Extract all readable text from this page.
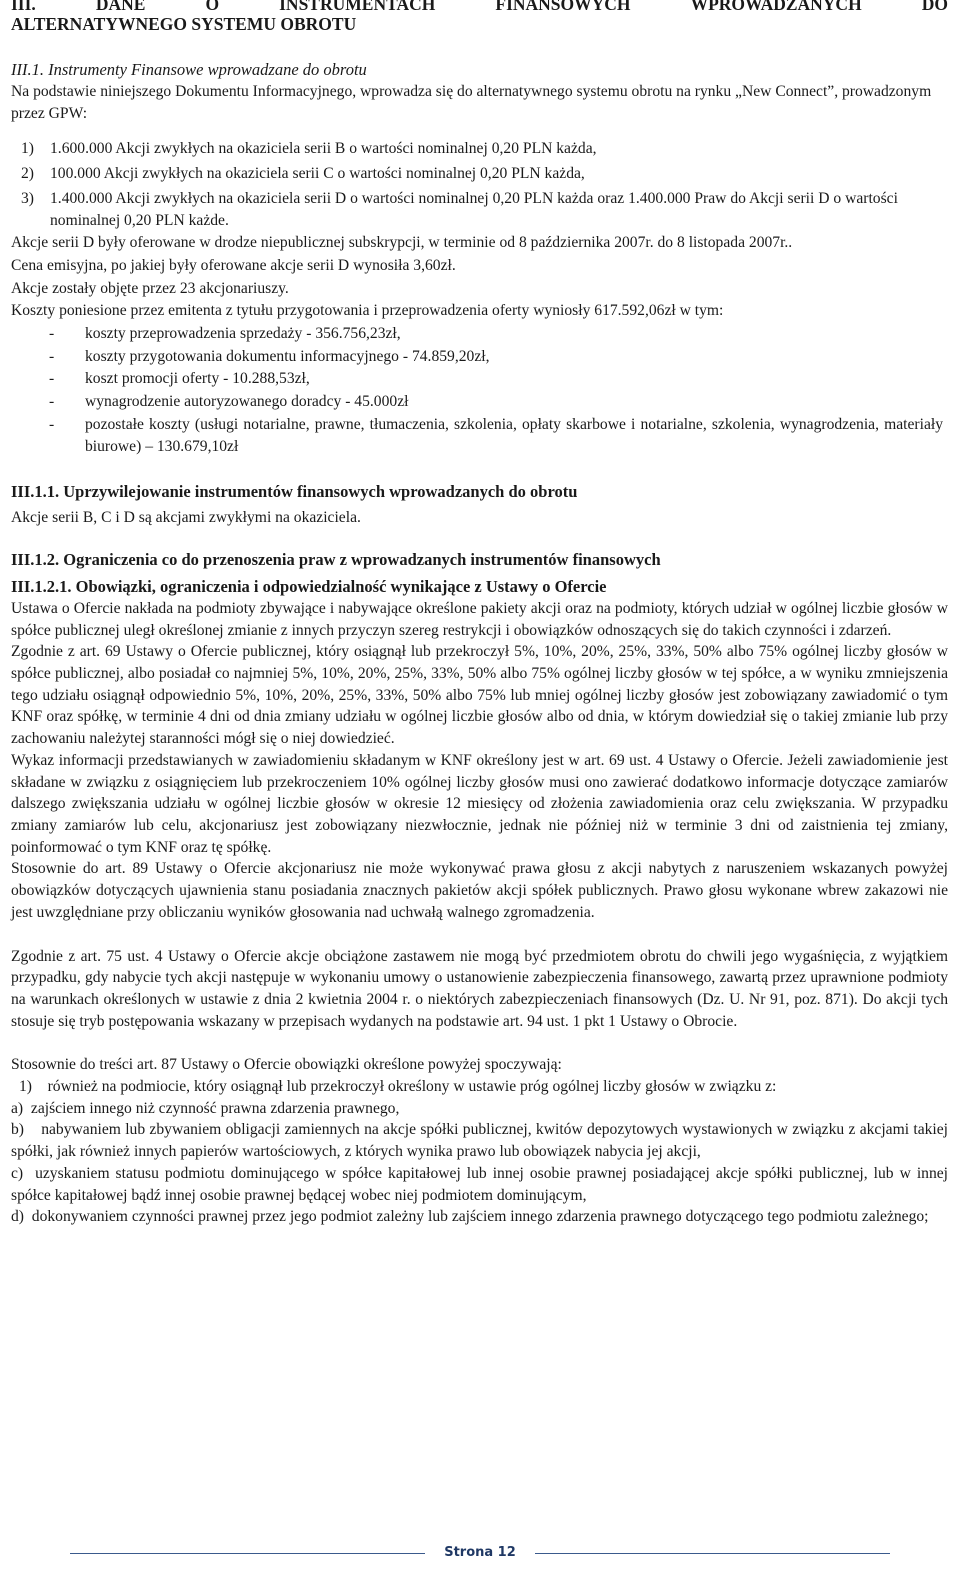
III.	DANE	O	INSTRUMENTACH	FINANSOWYCH	WPROWADZANYCH	DO
ALTERNATYWNEGO SYSTEMU OBROTU
III.1. Instrumenty Finansowe wprowadzane do obrotu

Na podstawie niniejszego Dokumentu Informacyjnego, wprowadza się do alternatywnego systemu obrotu na rynku „New Connect”, prowadzonym przez GPW:

1)	1.600.000 Akcji zwykłych na okaziciela serii B o wartości nominalnej 0,20 PLN każda,
2)	100.000 Akcji zwykłych na okaziciela serii C o wartości nominalnej 0,20 PLN każda,
3)	1.400.000 Akcji zwykłych na okaziciela serii D o wartości nominalnej 0,20 PLN każda oraz 1.400.000 Praw do Akcji serii D o wartości nominalnej 0,20 PLN każde.

Akcje serii D były oferowane w drodze niepublicznej subskrypcji, w terminie od 8 października 2007r. do 8 listopada 2007r..

Cena emisyjna, po jakiej były oferowane akcje serii D wynosiła 3,60zł.

Akcje zostały objęte przez 23 akcjonariuszy.

Koszty poniesione przez emitenta z tytułu przygotowania i przeprowadzenia oferty wyniosły 617.592,06zł w tym:

-	koszty przeprowadzenia sprzedaży - 356.756,23zł,
-	koszty przygotowania dokumentu informacyjnego - 74.859,20zł,
-	koszt promocji oferty - 10.288,53zł,
-	wynagrodzenie autoryzowanego doradcy - 45.000zł
-	pozostałe koszty (usługi notarialne, prawne, tłumaczenia, szkolenia, opłaty skarbowe i notarialne, szkolenia, wynagrodzenia, materiały biurowe) – 130.679,10zł
III.1.1. Uprzywilejowanie instrumentów finansowych wprowadzanych do obrotu

Akcje serii B, C i D są akcjami zwykłymi na okaziciela.

III.1.2. Ograniczenia co do przenoszenia praw z wprowadzanych instrumentów finansowych
III.1.2.1. Obowiązki, ograniczenia i odpowiedzialność wynikające z Ustawy o Ofercie

Ustawa o Ofercie nakłada na podmioty zbywające i nabywające określone pakiety akcji oraz na podmioty, których udział w ogólnej liczbie głosów w spółce publicznej uległ określonej zmianie z innych przyczyn szereg restrykcji i obowiązków odnoszących się do takich czynności i zdarzeń.

Zgodnie z art. 69 Ustawy o Ofercie publicznej, który osiągnął lub przekroczył 5%, 10%, 20%, 25%, 33%, 50% albo 75% ogólnej liczby głosów w spółce publicznej, albo posiadał co najmniej 5%, 10%, 20%, 25%, 33%, 50% albo 75% ogólnej liczby głosów w tej spółce, a w wyniku zmniejszenia tego udziału osiągnął odpowiednio 5%, 10%, 20%, 25%, 33%, 50% albo 75% lub mniej ogólnej liczby głosów jest zobowiązany zawiadomić o tym KNF oraz spółkę, w terminie 4 dni od dnia zmiany udziału w ogólnej liczbie głosów albo od dnia, w którym dowiedział się o takiej zmianie lub przy zachowaniu należytej staranności mógł się o niej dowiedzieć.

Wykaz informacji przedstawianych w zawiadomieniu składanym w KNF określony jest w art. 69 ust. 4 Ustawy o Ofercie. Jeżeli zawiadomienie jest składane w związku z osiągnięciem lub przekroczeniem 10% ogólnej liczby głosów musi ono zawierać dodatkowo informacje dotyczące zamiarów dalszego zwiększania udziału w ogólnej liczbie głosów w okresie 12 miesięcy od złożenia zawiadomienia oraz celu zwiększania. W przypadku zmiany zamiarów lub celu, akcjonariusz jest zobowiązany niezwłocznie, jednak nie później niż w terminie 3 dni od zaistnienia tej zmiany, poinformować o tym KNF oraz tę spółkę.

Stosownie do art. 89 Ustawy o Ofercie akcjonariusz nie może wykonywać prawa głosu z akcji nabytych z naruszeniem wskazanych powyżej obowiązków dotyczących ujawnienia stanu posiadania znacznych pakietów akcji spółek publicznych. Prawo głosu wykonane wbrew zakazowi nie jest uwzględniane przy obliczaniu wyników głosowania nad uchwałą walnego zgromadzenia.

Zgodnie z art. 75 ust. 4 Ustawy o Ofercie akcje obciążone zastawem nie mogą być przedmiotem obrotu do chwili jego wygaśnięcia, z wyjątkiem przypadku, gdy nabycie tych akcji następuje w wykonaniu umowy o ustanowienie zabezpieczenia finansowego, zawartą przez uprawnione podmioty na warunkach określonych w ustawie z dnia 2 kwietnia 2004 r. o niektórych zabezpieczeniach finansowych (Dz. U. Nr 91, poz. 871). Do akcji tych stosuje się tryb postępowania wskazany w przepisach wydanych na podstawie art. 94 ust. 1 pkt 1 Ustawy o Obrocie.

Stosownie do treści art. 87 Ustawy o Ofercie obowiązki określone powyżej spoczywają:

1)    również na podmiocie, który osiągnął lub przekroczył określony w ustawie próg ogólnej liczby głosów w związku z:

a)  zajściem innego niż czynność prawna zdarzenia prawnego,

b)    nabywaniem lub zbywaniem obligacji zamiennych na akcje spółki publicznej, kwitów depozytowych wystawionych w związku z akcjami takiej spółki, jak również innych papierów wartościowych, z których wynika prawo lub obowiązek nabycia jej akcji,

c)  uzyskaniem statusu podmiotu dominującego w spółce kapitałowej lub innej osobie prawnej posiadającej akcje spółki publicznej, lub w innej spółce kapitałowej bądź innej osobie prawnej będącej wobec niej podmiotem dominującym,

d)  dokonywaniem czynności prawnej przez jego podmiot zależny lub zajściem innego zdarzenia prawnego dotyczącego tego podmiotu zależnego;

Strona 12
